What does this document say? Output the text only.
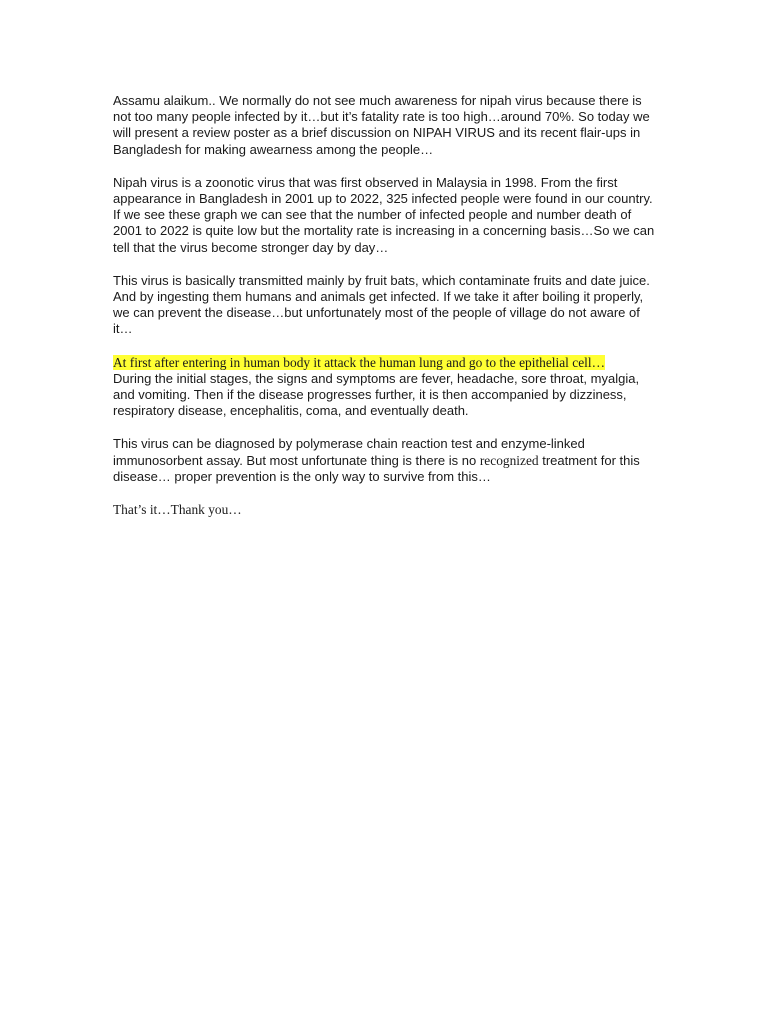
Assamu alaikum.. We normally do not see much awareness for nipah virus because there is not too many people infected by it…but it’s fatality rate is too high…around 70%. So today we will present a review poster as a brief discussion on NIPAH VIRUS and its recent flair-ups in Bangladesh for making awearness among the people…

Nipah virus is a zoonotic virus that was first observed in Malaysia in 1998. From the first appearance in Bangladesh in 2001 up to 2022, 325 infected people were found in our country. If we see these graph we can see that the number of infected people and number death of 2001 to 2022 is quite low but the mortality rate is increasing in a concerning basis…So we can tell that the virus become stronger day by day…

This virus is basically transmitted mainly by fruit bats, which contaminate fruits and date juice. And by ingesting them humans and animals get infected. If we take it after boiling it properly, we can prevent the disease…but unfortunately most of the people of village do not aware of it…

At first after entering in human body it attack the human lung and go to the epithelial cell…

During the initial stages, the signs and symptoms are fever, headache, sore throat, myalgia, and vomiting. Then if the disease progresses further, it is then accompanied by dizziness, respiratory disease, encephalitis, coma, and eventually death.

This virus can be diagnosed by polymerase chain reaction test and enzyme-linked immunosorbent assay. But most unfortunate thing is there is no recognized treatment for this disease… proper prevention is the only way to survive from this…

That’s it…Thank you…
